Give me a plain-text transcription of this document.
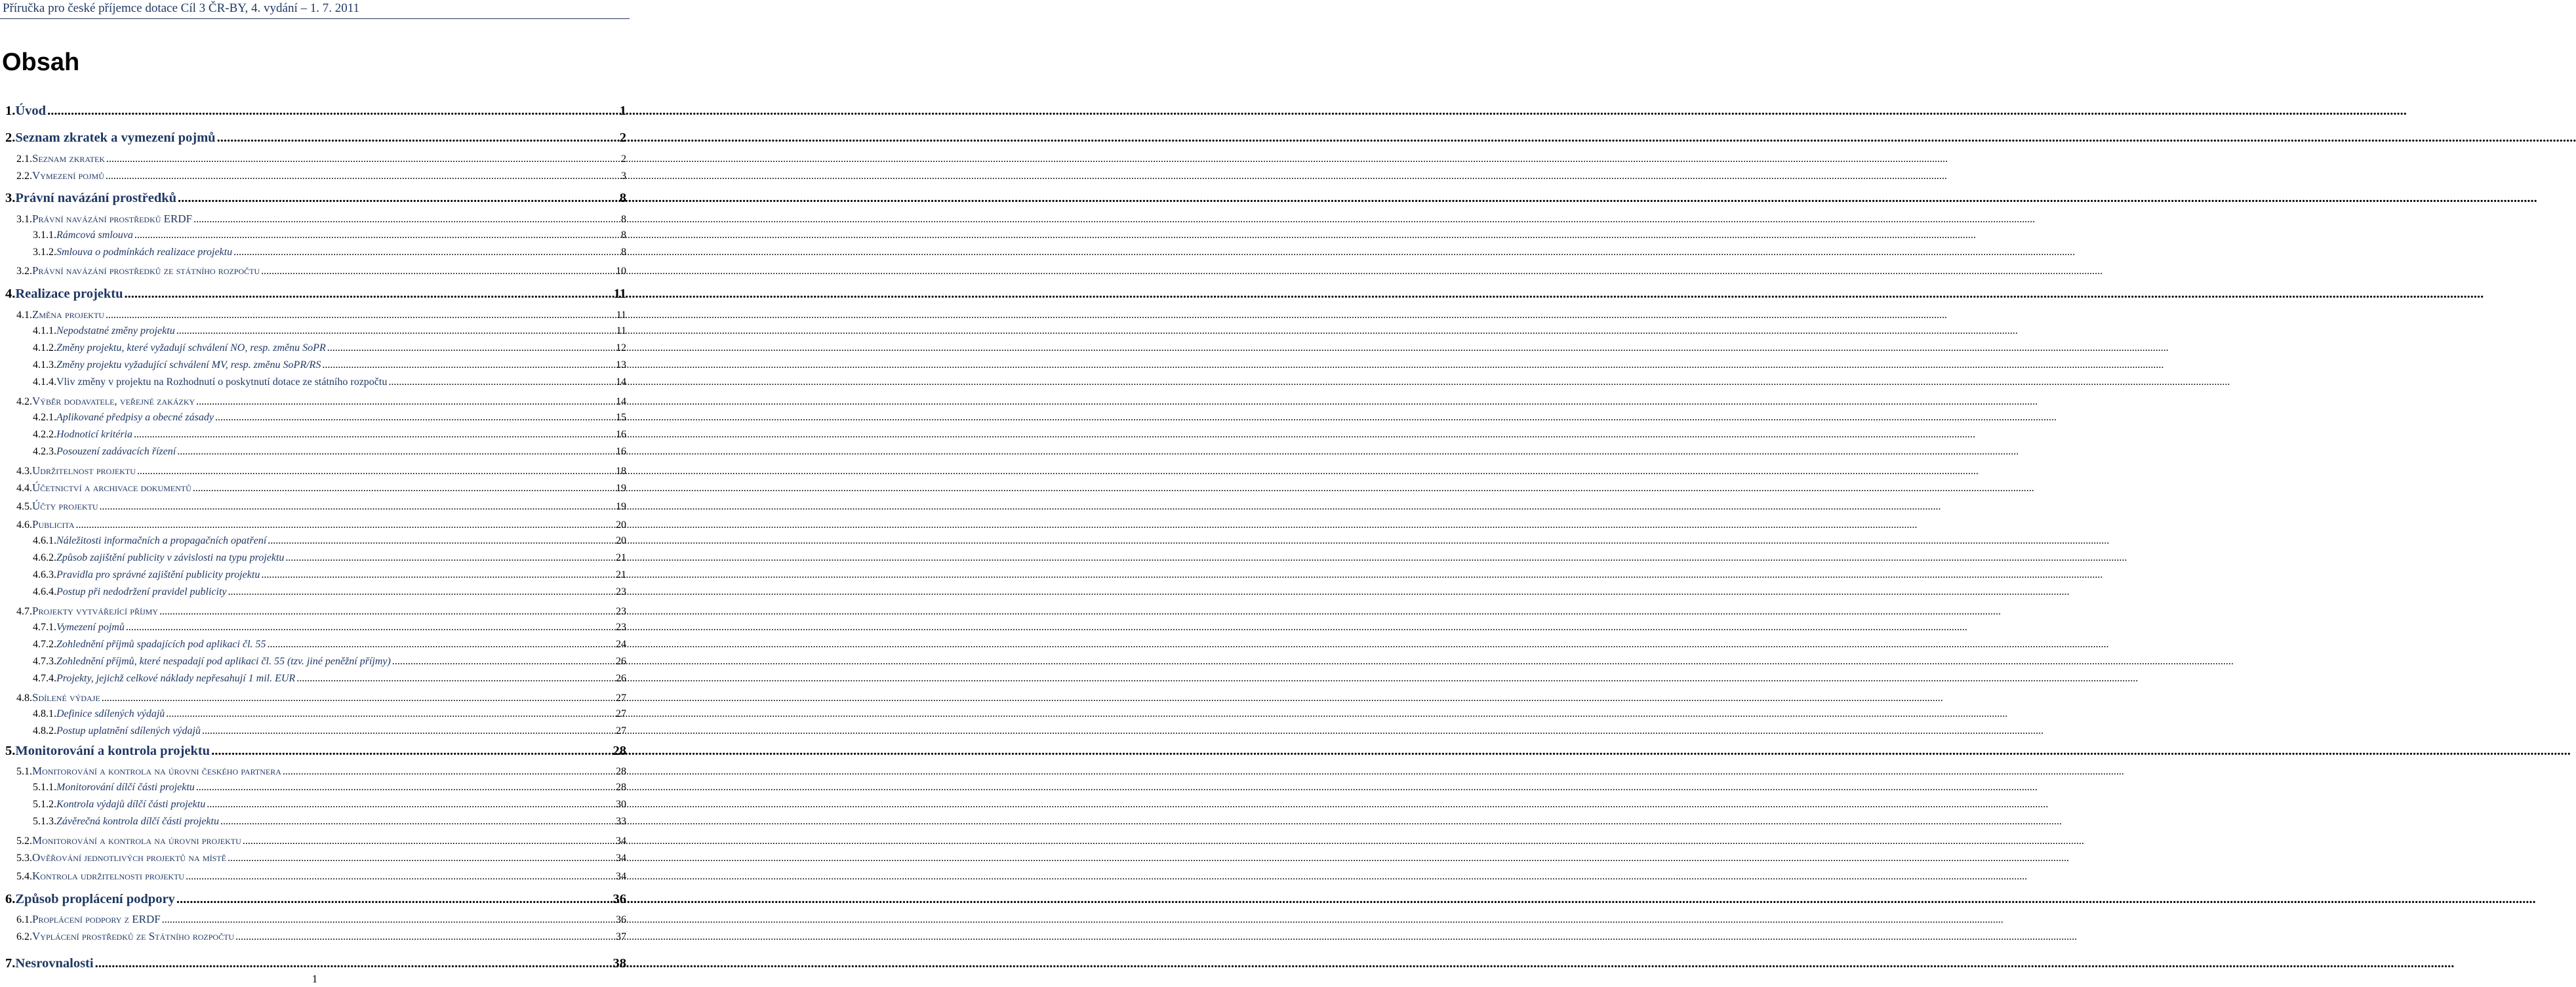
Příručka pro české příjemce dotace Cíl 3 ČR-BY, 4. vydání – 1. 7. 2011
Obsah
1. Úvod .....	1
2. Seznam zkratek a vymezení pojmů .....	2
2.1. Seznam zkratek .....	2
2.2. Vymezení pojmů .....	3
3. Právní navázání prostředků .....	8
3.1. Právní navázání prostředků ERDF .....	8
3.1.1. Rámcová smlouva .....	8
3.1.2. Smlouva o podmínkách realizace projektu .....	8
3.2. Právní navázání prostředků ze státního rozpočtu .....	10
4. Realizace projektu .....	11
4.1. Změna projektu .....	11
4.1.1. Nepodstatné změny projektu .....	11
4.1.2. Změny projektu, které vyžadují schválení NO, resp. změnu SoPR .....	12
4.1.3. Změny projektu vyžadující schválení MV, resp. změnu SoPR/RS .....	13
4.1.4. Vliv změny v projektu na Rozhodnutí o poskytnutí dotace ze státního rozpočtu .....	14
4.2. Výběr dodavatele, veřejné zakázky .....	14
4.2.1. Aplikované předpisy a obecné zásady .....	15
4.2.2. Hodnoticí kritéria .....	16
4.2.3. Posouzení zadávacích řízení .....	16
4.3. Udržitelnost projektu .....	18
4.4. Účetnictví a archivace dokumentů .....	19
4.5. Účty projektu .....	19
4.6. Publicita .....	20
4.6.1. Náležitosti informačních a propagačních opatření .....	20
4.6.2. Způsob zajištění publicity v závislosti na typu projektu .....	21
4.6.3. Pravidla pro správné zajištění publicity projektu .....	21
4.6.4. Postup při nedodržení pravidel publicity .....	23
4.7. Projekty vytvářející příjmy .....	23
4.7.1. Vymezení pojmů .....	23
4.7.2. Zohlednění příjmů spadajících pod aplikaci čl. 55 .....	24
4.7.3. Zohlednění příjmů, které nespadají pod aplikaci čl. 55 (tzv. jiné peněžní příjmy) .....	26
4.7.4. Projekty, jejichž celkové náklady nepřesahují 1 mil. EUR .....	26
4.8. Sdílené výdaje .....	27
4.8.1. Definice sdílených výdajů .....	27
4.8.2. Postup uplatnění sdílených výdajů .....	27
5. Monitorování a kontrola projektu .....	28
5.1. Monitorování a kontrola na úrovni českého partnera .....	28
5.1.1. Monitorování dílčí části projektu .....	28
5.1.2. Kontrola výdajů dílčí části projektu .....	30
5.1.3. Závěrečná kontrola dílčí části projektu .....	33
5.2. Monitorování a kontrola na úrovni projektu .....	34
5.3. Ověřování jednotlivých projektů na místě .....	34
5.4. Kontrola udržitelnosti projektu .....	34
6. Způsob proplácení podpory .....	36
6.1. Proplácení podpory z ERDF .....	36
6.2. Vyplácení prostředků ze Státního rozpočtu .....	37
7. Nesrovnalosti .....	38
1
